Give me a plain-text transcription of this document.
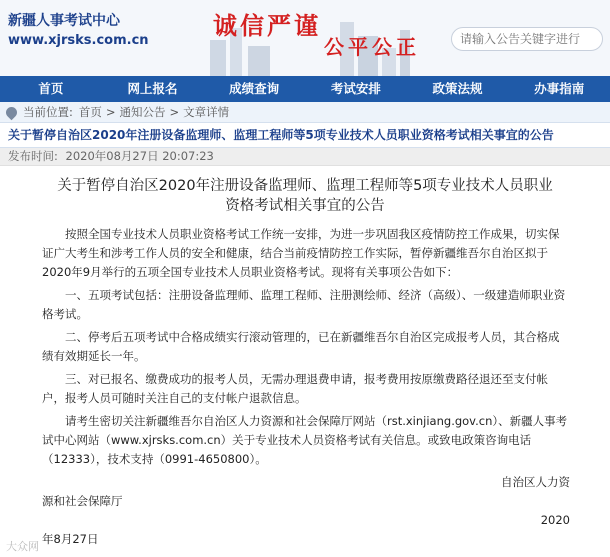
新疆人事考试中心
www.xjrsks.com.cn
诚信严谨
公平公正
请输入公告关键字进行
首页	网上报名	成绩查询	考试安排	政策法规	办事指南
当前位置: 首页 > 通知公告 > 文章详情
关于暂停自治区2020年注册设备监理师、监理工程师等5项专业技术人员职业资格考试相关事宜的公告
发布时间: 2020年08月27日 20:07:23
关于暂停自治区2020年注册设备监理师、监理工程师等5项专业技术人员职业
资格考试相关事宜的公告

按照全国专业技术人员职业资格考试工作统一安排，为进一步巩固我区疫情防控工作成果，切实保证广大考生和涉考工作人员的安全和健康，结合当前疫情防控工作实际，暂停新疆维吾尔自治区拟于2020年9月举行的五项全国专业技术人员职业资格考试。现将有关事项公告如下：

一、五项考试包括：注册设备监理师、监理工程师、注册测绘师、经济（高级）、一级建造师职业资格考试。

二、停考后五项考试中合格成绩实行滚动管理的，已在新疆维吾尔自治区完成报考人员，其合格成绩有效期延长一年。

三、对已报名、缴费成功的报考人员，无需办理退费申请，报考费用按原缴费路径退还至支付帐户，报考人员可随时关注自己的支付帐户退款信息。

请考生密切关注新疆维吾尔自治区人力资源和社会保障厅网站（rst.xinjiang.gov.cn）、新疆人事考试中心网站（www.xjrsks.com.cn）关于专业技术人员资格考试有关信息。或致电政策咨询电话（12333），技术支持（0991-4650800）。

自治区人力资
源和社会保障厅
2020
年8月27日
大众网
